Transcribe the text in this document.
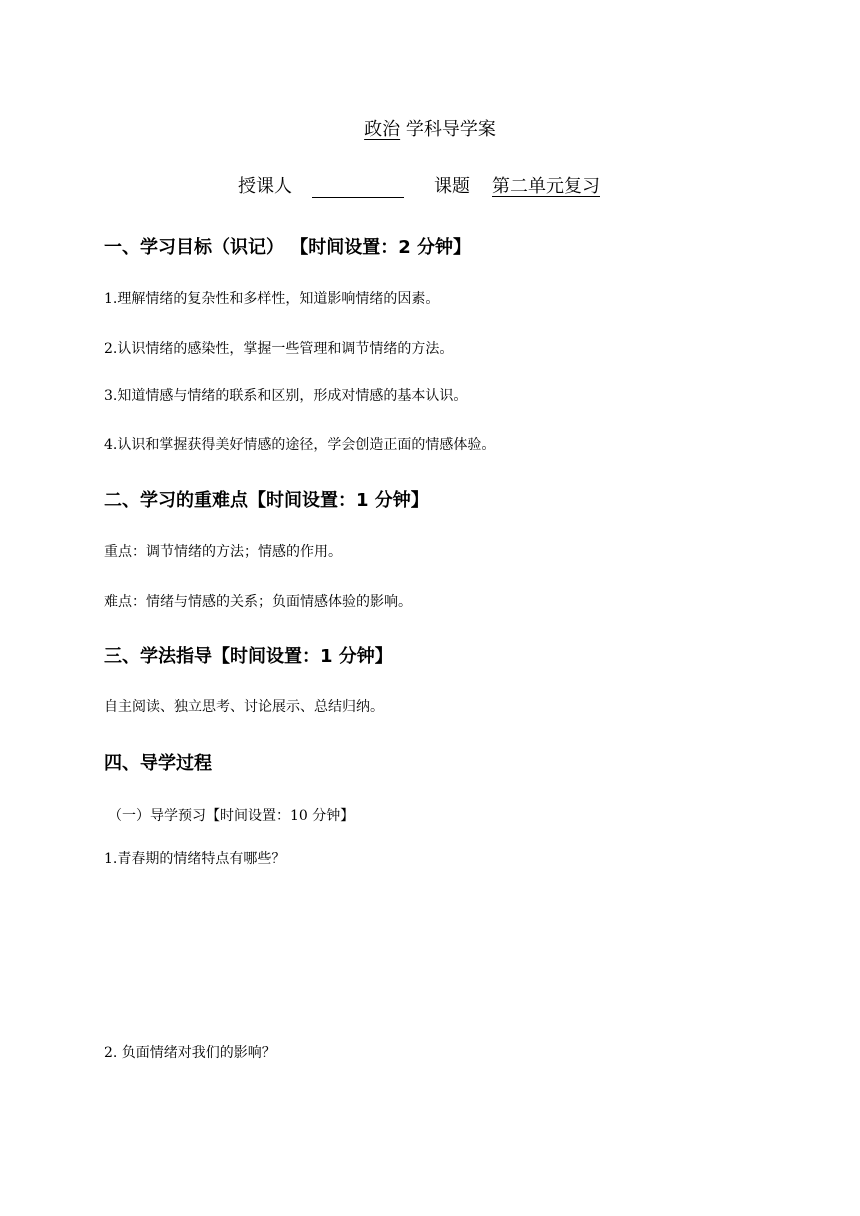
政治 学科导学案
授课人	课题 第二单元复习
一、学习目标（识记） 【时间设置：2 分钟】
1.理解情绪的复杂性和多样性，知道影响情绪的因素。
2.认识情绪的感染性，掌握一些管理和调节情绪的方法。
3.知道情感与情绪的联系和区别，形成对情感的基本认识。
4.认识和掌握获得美好情感的途径，学会创造正面的情感体验。
二、学习的重难点【时间设置：1 分钟】
重点：调节情绪的方法；情感的作用。
难点：情绪与情感的关系；负面情感体验的影响。
三、学法指导【时间设置：1 分钟】
自主阅读、独立思考、讨论展示、总结归纳。
四、导学过程
（一）导学预习【时间设置：10 分钟】
1.青春期的情绪特点有哪些？
2. 负面情绪对我们的影响？
